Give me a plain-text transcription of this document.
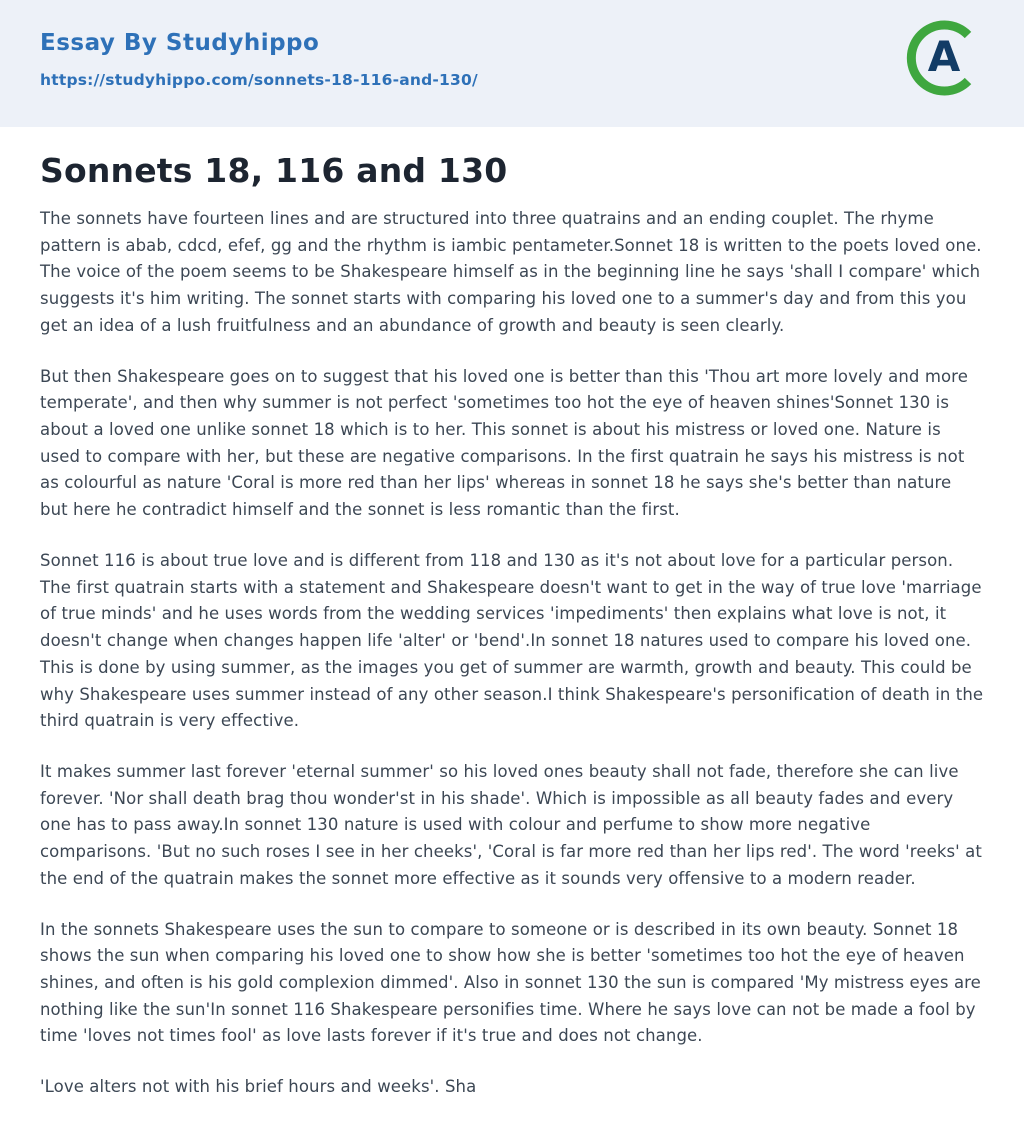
Essay By Studyhippo
https://studyhippo.com/sonnets-18-116-and-130/	A
Sonnets 18, 116 and 130

The sonnets have fourteen lines and are structured into three quatrains and an ending couplet. The rhyme pattern is abab, cdcd, efef, gg and the rhythm is iambic pentameter.Sonnet 18 is written to the poets loved one. The voice of the poem seems to be Shakespeare himself as in the beginning line he says 'shall I compare' which suggests it's him writing. The sonnet starts with comparing his loved one to a summer's day and from this you get an idea of a lush fruitfulness and an abundance of growth and beauty is seen clearly.

But then Shakespeare goes on to suggest that his loved one is better than this 'Thou art more lovely and more temperate', and then why summer is not perfect 'sometimes too hot the eye of heaven shines'Sonnet 130 is about a loved one unlike sonnet 18 which is to her. This sonnet is about his mistress or loved one. Nature is used to compare with her, but these are negative comparisons. In the first quatrain he says his mistress is not as colourful as nature 'Coral is more red than her lips' whereas in sonnet 18 he says she's better than nature but here he contradict himself and the sonnet is less romantic than the first.

Sonnet 116 is about true love and is different from 118 and 130 as it's not about love for a particular person. The first quatrain starts with a statement and Shakespeare doesn't want to get in the way of true love 'marriage of true minds' and he uses words from the wedding services 'impediments' then explains what love is not, it doesn't change when changes happen life 'alter' or 'bend'.In sonnet 18 natures used to compare his loved one. This is done by using summer, as the images you get of summer are warmth, growth and beauty. This could be why Shakespeare uses summer instead of any other season.I think Shakespeare's personification of death in the third quatrain is very effective.

It makes summer last forever 'eternal summer' so his loved ones beauty shall not fade, therefore she can live forever. 'Nor shall death brag thou wonder'st in his shade'. Which is impossible as all beauty fades and every one has to pass away.In sonnet 130 nature is used with colour and perfume to show more negative comparisons. 'But no such roses I see in her cheeks', 'Coral is far more red than her lips red'. The word 'reeks' at the end of the quatrain makes the sonnet more effective as it sounds very offensive to a modern reader.

In the sonnets Shakespeare uses the sun to compare to someone or is described in its own beauty. Sonnet 18 shows the sun when comparing his loved one to show how she is better 'sometimes too hot the eye of heaven shines, and often is his gold complexion dimmed'. Also in sonnet 130 the sun is compared 'My mistress eyes are nothing like the sun'In sonnet 116 Shakespeare personifies time. Where he says love can not be made a fool by time 'loves not times fool' as love lasts forever if it's true and does not change.

'Love alters not with his brief hours and weeks'. Sha
